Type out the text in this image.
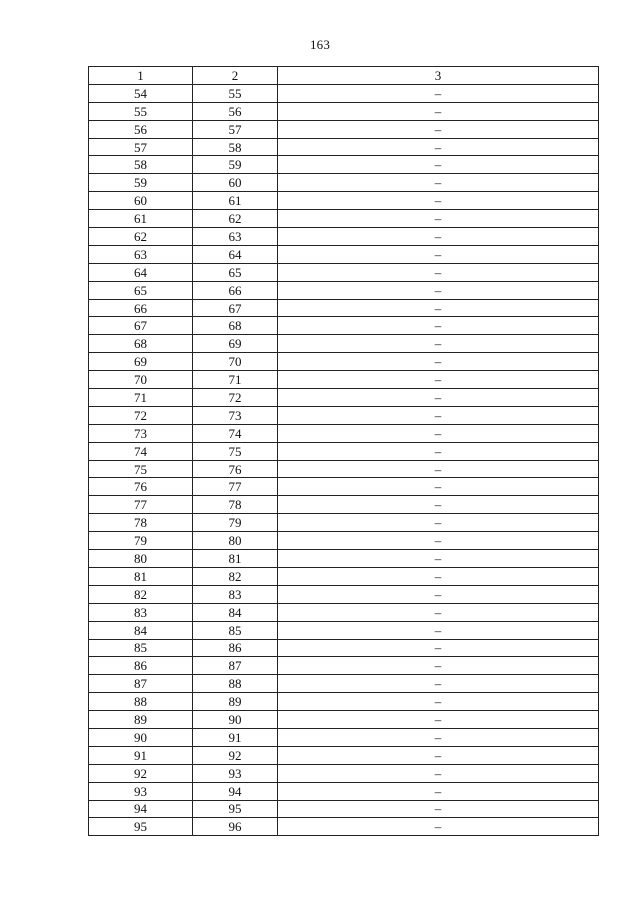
163
1	2	3
54	55	–
55	56	–
56	57	–
57	58	–
58	59	–
59	60	–
60	61	–
61	62	–
62	63	–
63	64	–
64	65	–
65	66	–
66	67	–
67	68	–
68	69	–
69	70	–
70	71	–
71	72	–
72	73	–
73	74	–
74	75	–
75	76	–
76	77	–
77	78	–
78	79	–
79	80	–
80	81	–
81	82	–
82	83	–
83	84	–
84	85	–
85	86	–
86	87	–
87	88	–
88	89	–
89	90	–
90	91	–
91	92	–
92	93	–
93	94	–
94	95	–
95	96	–
